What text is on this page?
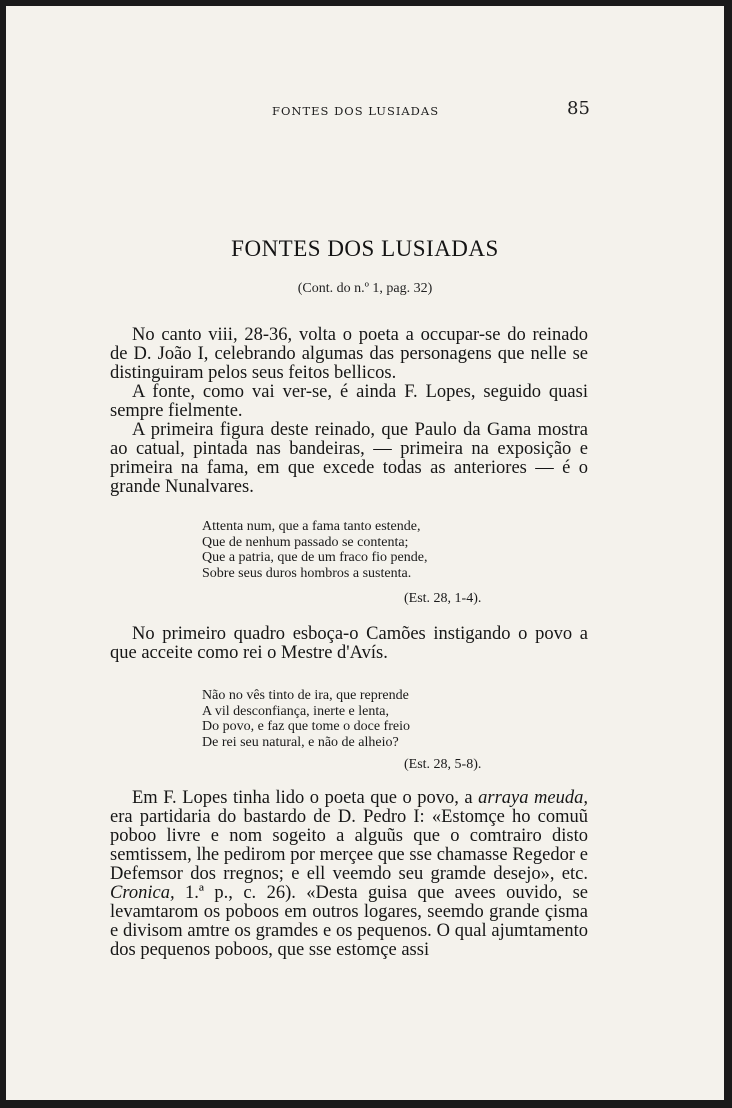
FONTES DOS LUSIADAS	85
FONTES DOS LUSIADAS
(Cont. do n.º 1, pag. 32)

No canto viii, 28-36, volta o poeta a occupar-se do reinado de D. João I, celebrando algumas das personagens que nelle se distinguiram pelos seus feitos bellicos.

A fonte, como vai ver-se, é ainda F. Lopes, seguido quasi sempre fielmente.

A primeira figura deste reinado, que Paulo da Gama mostra ao catual, pintada nas bandeiras, — primeira na exposição e primeira na fama, em que excede todas as anteriores — é o grande Nunalvares.

Attenta num, que a fama tanto estende,
Que de nenhum passado se contenta;
Que a patria, que de um fraco fio pende,
Sobre seus duros hombros a sustenta.
(Est. 28, 1-4).

No primeiro quadro esboça-o Camões instigando o povo a que acceite como rei o Mestre d'Avís.

Não no vês tinto de ira, que reprende
A vil desconfiança, inerte e lenta,
Do povo, e faz que tome o doce freio
De rei seu natural, e não de alheio?
(Est. 28, 5-8).

Em F. Lopes tinha lido o poeta que o povo, a arraya meuda, era partidaria do bastardo de D. Pedro I: «Estomçe ho comuũ poboo livre e nom sogeito a alguũs que o comtrairo disto semtissem, lhe pedirom por merçee que sse chamasse Regedor e Defemsor dos rregnos; e ell veemdo seu gramde desejo», etc. Cronica, 1.ª p., c. 26). «Desta guisa que avees ouvido, se levamtarom os poboos em outros logares, seemdo grande çisma e divisom amtre os gramdes e os pequenos. O qual ajumtamento dos pequenos poboos, que sse estomçe assi
